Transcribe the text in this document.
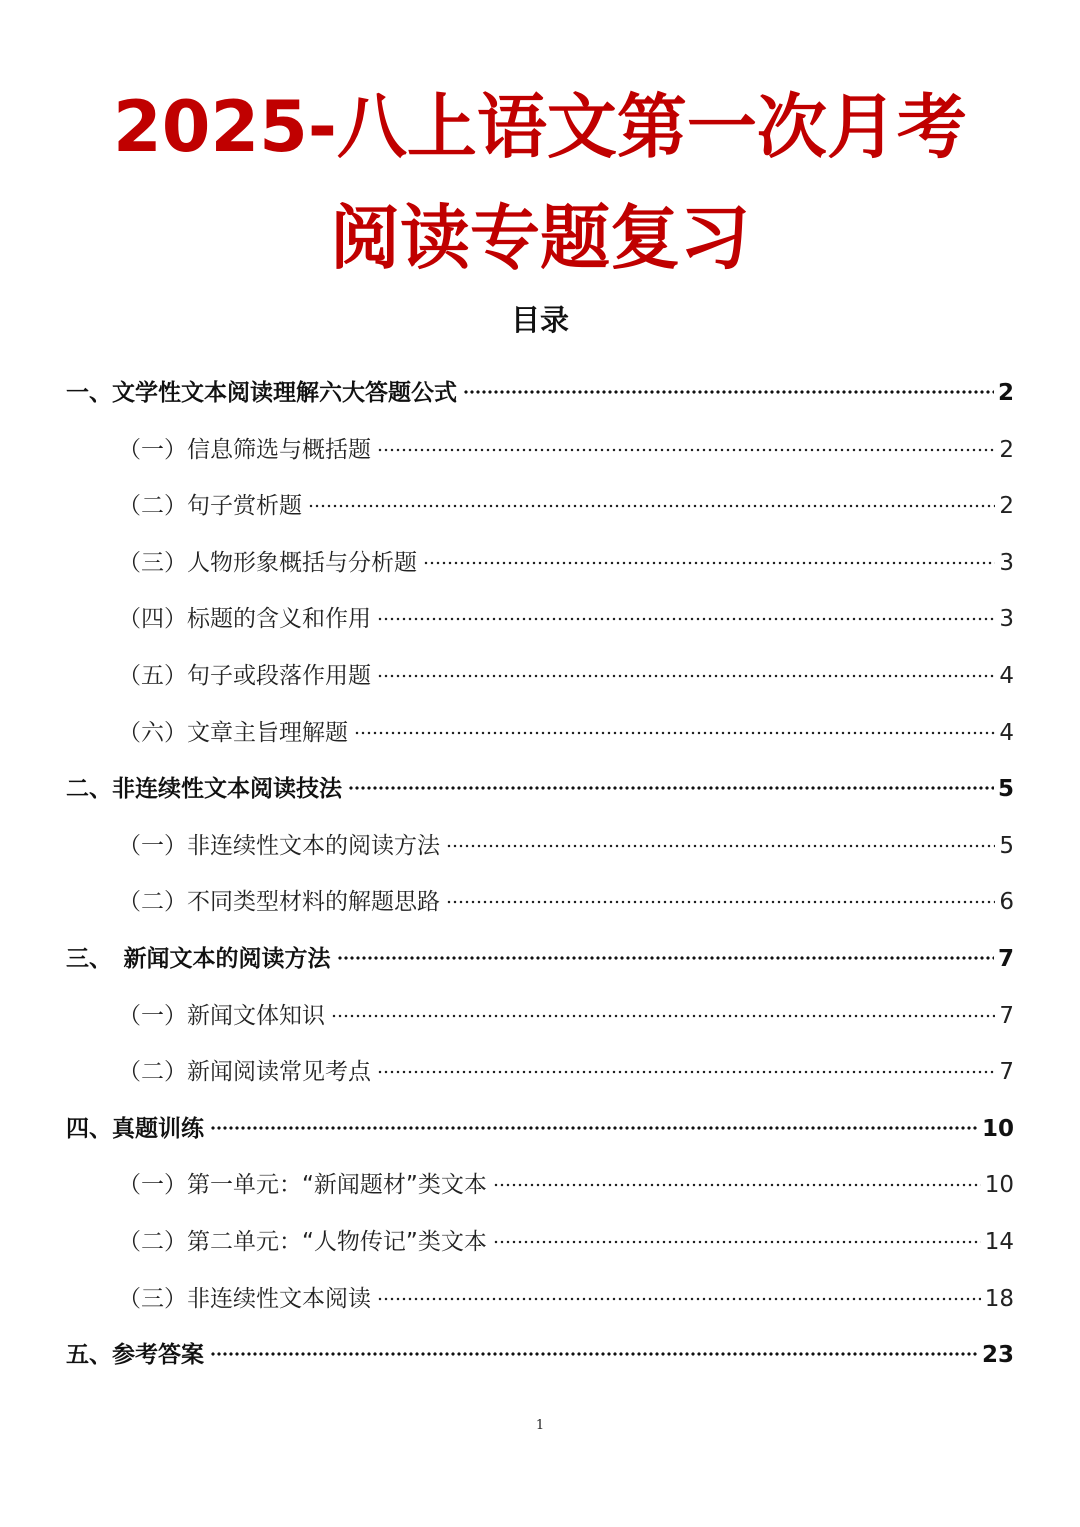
2025-八上语文第一次月考
阅读专题复习
目录
一、文学性文本阅读理解六大答题公式	2
（一）信息筛选与概括题	2
（二）句子赏析题	2
（三）人物形象概括与分析题	3
（四）标题的含义和作用	3
（五）句子或段落作用题	4
（六）文章主旨理解题	4
二、非连续性文本阅读技法	5
（一）非连续性文本的阅读方法	5
（二）不同类型材料的解题思路	6
三、　新闻文本的阅读方法	7
（一）新闻文体知识	7
（二）新闻阅读常见考点	7
四、真题训练	10
（一）第一单元：“新闻题材”类文本	10
（二）第二单元：“人物传记”类文本	14
（三）非连续性文本阅读	18
五、参考答案	23
1
